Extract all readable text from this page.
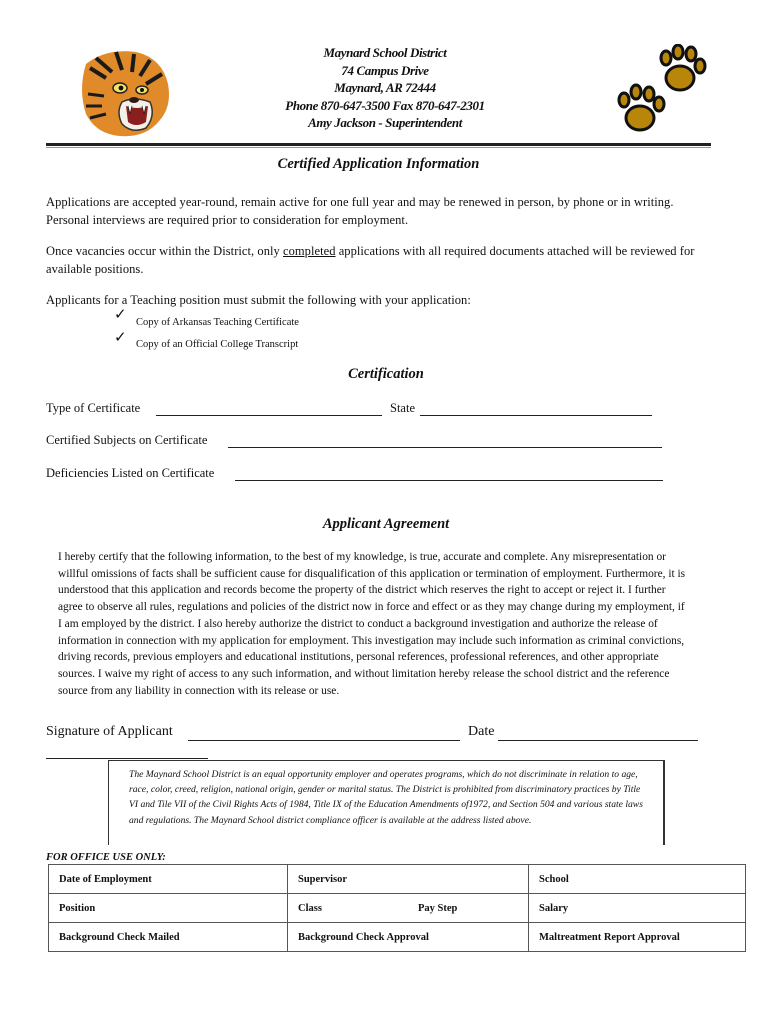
Maynard School District
74 Campus Drive
Maynard, AR 72444
Phone 870-647-3500 Fax 870-647-2301
Amy Jackson - Superintendent
Certified Application Information
Applications are accepted year-round, remain active for one full year and may be renewed in person, by phone or in writing. Personal interviews are required prior to consideration for employment.
Once vacancies occur within the District, only completed applications with all required documents attached will be reviewed for available positions.
Applicants for a Teaching position must submit the following with your application:
✓ Copy of Arkansas Teaching Certificate
✓ Copy of an Official College Transcript
Certification
Type of Certificate	State
Certified Subjects on Certificate
Deficiencies Listed on Certificate
Applicant Agreement
I hereby certify that the following information, to the best of my knowledge, is true, accurate and complete. Any misrepresentation or willful omissions of facts shall be sufficient cause for disqualification of this application or termination of employment. Furthermore, it is understood that this application and records become the property of the district which reserves the right to accept or reject it. I further agree to observe all rules, regulations and policies of the district now in force and effect or as they may change during my employment, if I am employed by the district. I also hereby authorize the district to conduct a background investigation and authorize the release of information in connection with my application for employment. This investigation may include such information as criminal convictions, driving records, previous employers and educational institutions, personal references, professional references, and other appropriate sources. I waive my right of access to any such information, and without limitation hereby release the school district and the reference source from any liability in connection with its release or use.
Signature of Applicant	Date
The Maynard School District is an equal opportunity employer and operates programs, which do not discriminate in relation to age, race, color, creed, religion, national origin, gender or marital status. The District is prohibited from discriminatory practices by Title VI and Tile VII of the Civil Rights Acts of 1984, Title IX of the Education Amendments of1972, and Section 504 and various state laws and regulations. The Maynard School district compliance officer is available at the address listed above.
FOR OFFICE USE ONLY:
Date of Employment	Supervisor		School
Position	Class	Pay Step	Salary
Background Check Mailed	Background Check Approval		Maltreatment Report Approval
